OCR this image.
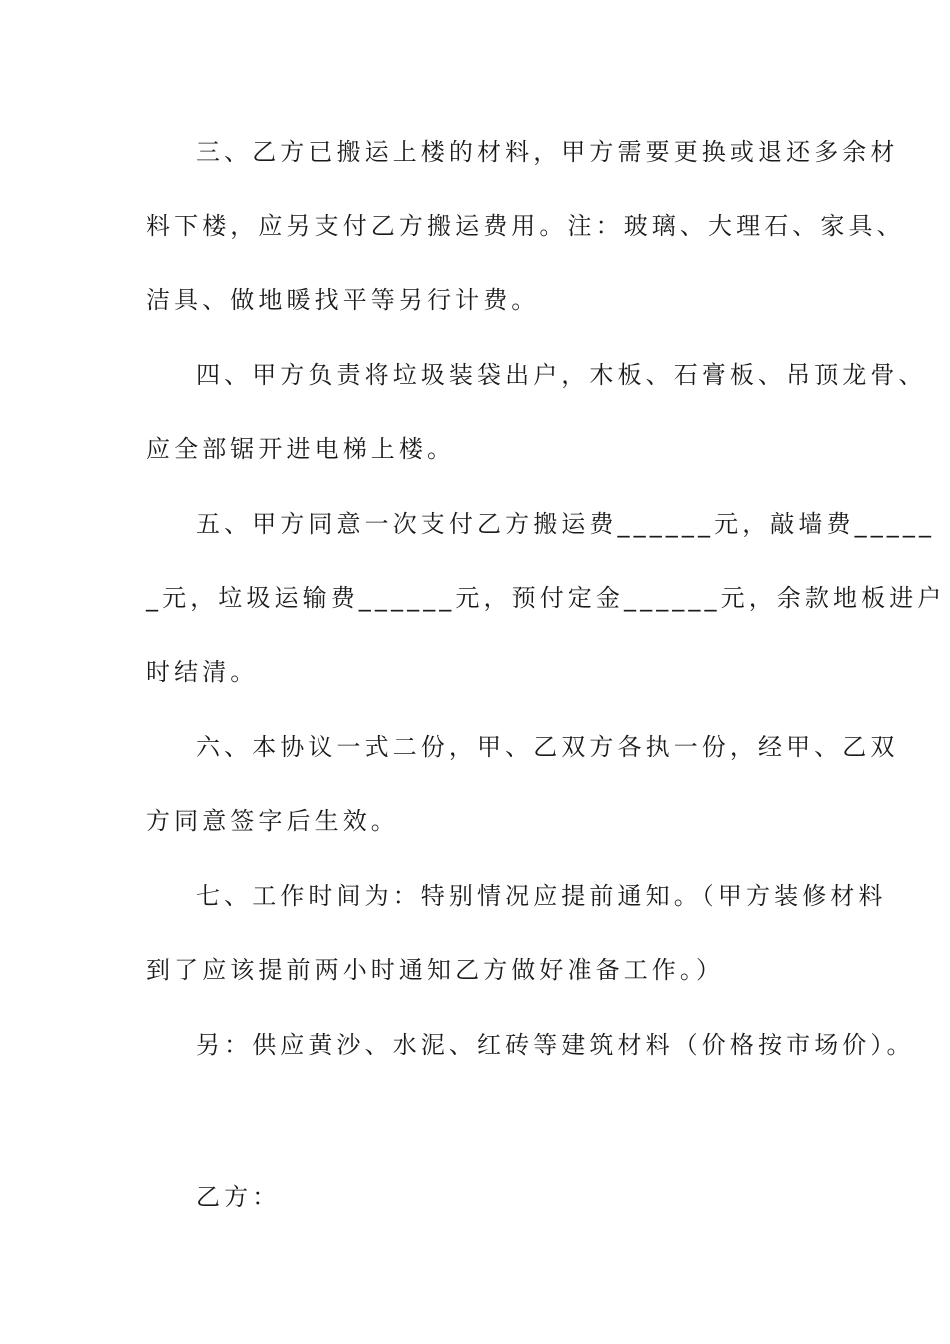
三、乙方已搬运上楼的材料，甲方需要更换或退还多余材

料下楼，应另支付乙方搬运费用。注：玻璃、大理石、家具、

洁具、做地暖找平等另行计费。

四、甲方负责将垃圾装袋出户，木板、石膏板、吊顶龙骨、

应全部锯开进电梯上楼。

五、甲方同意一次支付乙方搬运费______元，敲墙费_____

_元，垃圾运输费______元，预付定金______元，余款地板进户

时结清。

六、本协议一式二份，甲、乙双方各执一份，经甲、乙双

方同意签字后生效。

七、工作时间为：特别情况应提前通知。（甲方装修材料

到了应该提前两小时通知乙方做好准备工作。）

另：供应黄沙、水泥、红砖等建筑材料（价格按市场价）。

乙方：
